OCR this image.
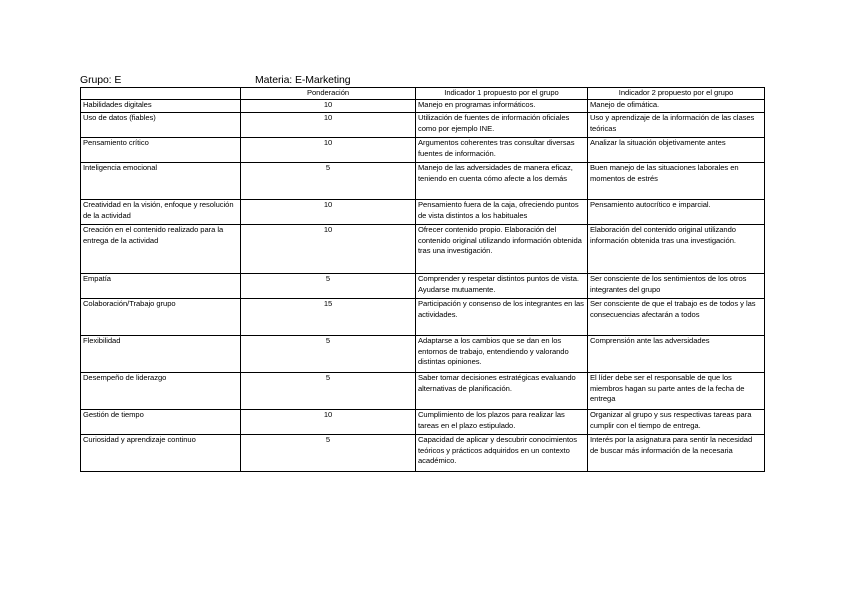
Grupo: E	Materia: E-Marketing
	Ponderación	Indicador 1 propuesto por el grupo	Indicador 2 propuesto por el grupo
Habilidades digitales	10	Manejo en programas informáticos.	Manejo de ofimática.
Uso de datos (fiables)	10	Utilización de fuentes de información oficiales como por ejemplo INE.	Uso y aprendizaje de la información de las clases teóricas
Pensamiento crítico	10	Argumentos coherentes tras consultar diversas fuentes de información.	Analizar la situación objetivamente antes
Inteligencia emocional	5	Manejo de las adversidades de manera eficaz, teniendo en cuenta cómo afecte a los demás	Buen manejo de las situaciones laborales en momentos de estrés
Creatividad en la visión, enfoque y resolución de la actividad	10	Pensamiento fuera de la caja, ofreciendo puntos de vista distintos a los habituales	Pensamiento autocrítico e imparcial.
Creación en el contenido realizado para la entrega de la actividad	10	Ofrecer contenido propio. Elaboración del contenido original utilizando información obtenida tras una investigación.	Elaboración del contenido original utilizando información obtenida tras una investigación.
Empatía	5	Comprender y respetar distintos puntos de vista. Ayudarse mutuamente.	Ser consciente de los sentimientos de los otros integrantes del grupo
Colaboración/Trabajo grupo	15	Participación y consenso de los integrantes en las actividades.	Ser consciente de que el trabajo es de todos y las consecuencias afectarán a todos
Flexibilidad	5	Adaptarse a los cambios que se dan en los entornos de trabajo, entendiendo y valorando distintas opiniones.	Comprensión ante las adversidades
Desempeño de liderazgo	5	Saber tomar decisiones estratégicas evaluando alternativas de planificación.	El líder debe ser el responsable de que los miembros hagan su parte antes de la fecha de entrega
Gestión de tiempo	10	Cumplimiento de los plazos para realizar las tareas en el plazo estipulado.	Organizar al grupo y sus respectivas tareas para cumplir con el tiempo de entrega.
Curiosidad y aprendizaje continuo	5	Capacidad de aplicar y descubrir conocimientos teóricos y prácticos adquiridos en un contexto académico.	Interés por la asignatura para sentir la necesidad de buscar más información de la necesaria
